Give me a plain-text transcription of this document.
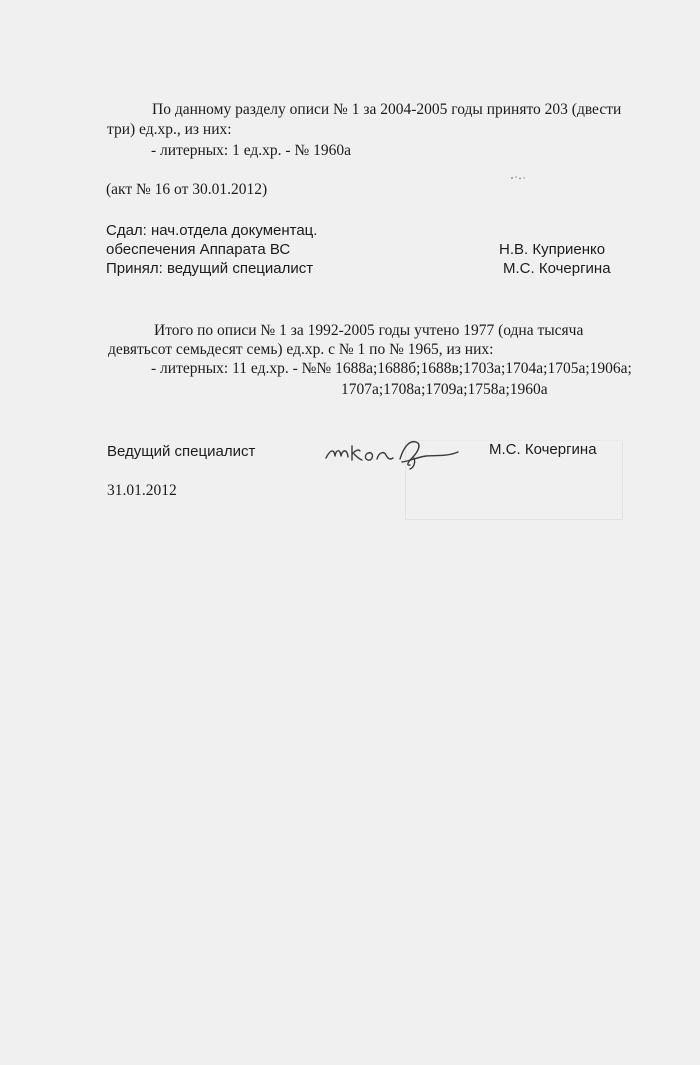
По данному разделу описи № 1 за 2004-2005 годы принято 203 (двести
три) ед.хр., из них:
- литерных: 1 ед.хр. - № 1960а
(акт № 16 от 30.01.2012)
Сдал: нач.отдела документац.
обеспечения Аппарата ВС	Н.В. Куприенко
Принял: ведущий специалист	М.С. Кочергина
Итого по описи № 1 за 1992-2005 годы учтено 1977 (одна тысяча
девятьсот семьдесят семь) ед.хр. с № 1 по № 1965, из них:
- литерных: 11 ед.хр. - №№ 1688а;1688б;1688в;1703а;1704а;1705а;1906а;
1707а;1708а;1709а;1758а;1960а
Ведущий специалист	М.С. Кочергина
31.01.2012
